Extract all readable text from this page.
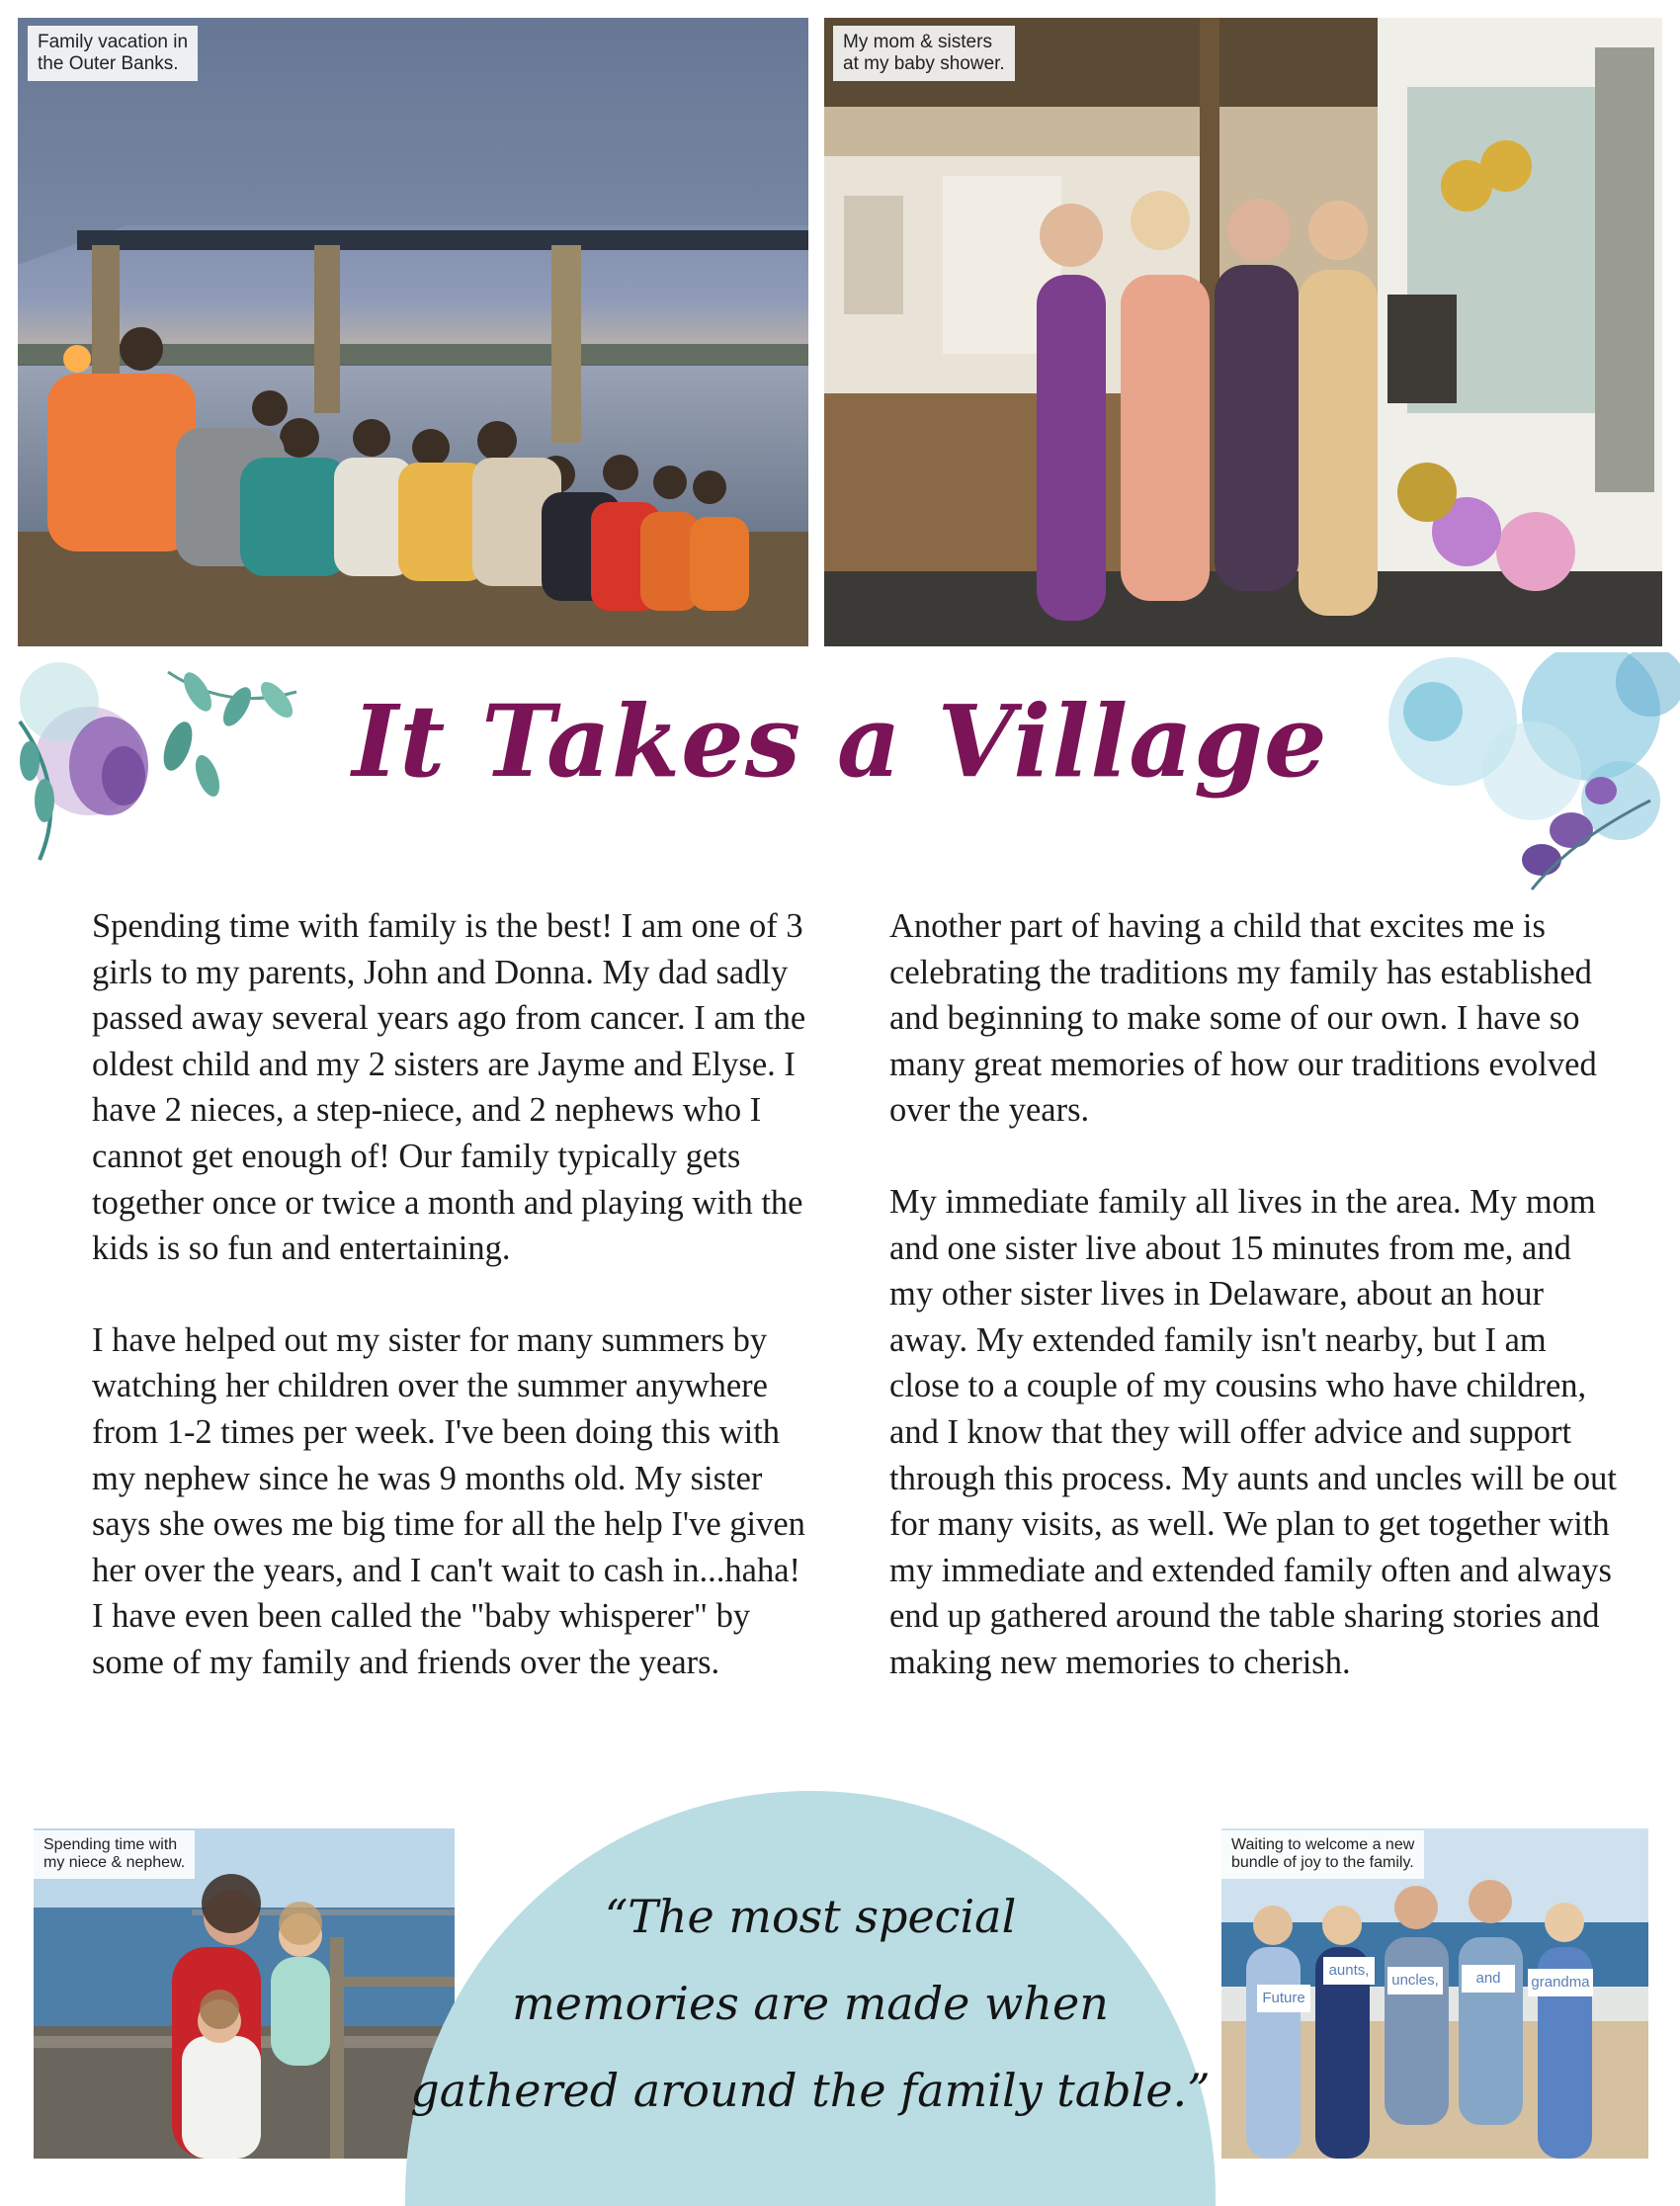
Family vacation in
the Outer Banks.
My mom & sisters
at my baby shower.
It Takes a Village

Spending time with family is the best! I am one of 3 girls to my parents, John and Donna. My dad sadly passed away several years ago from cancer. I am the oldest child and my 2 sisters are Jayme and Elyse. I have 2 nieces, a step-niece, and 2 nephews who I cannot get enough of! Our family typically gets together once or twice a month and playing with the kids is so fun and entertaining.

I have helped out my sister for many summers by watching her children over the summer anywhere from 1-2 times per week. I've been doing this with my nephew since he was 9 months old. My sister says she owes me big time for all the help I've given her over the years, and I can't wait to cash in...haha! I have even been called the "baby whisperer" by some of my family and friends over the years.

Another part of having a child that excites me is celebrating the traditions my family has established and beginning to make some of our own. I have so many great memories of how our traditions evolved over the years.

My immediate family all lives in the area. My mom and one sister live about 15 minutes from me, and my other sister lives in Delaware, about an hour away. My extended family isn't nearby, but I am close to a couple of my cousins who have children, and I know that they will offer advice and support through this process. My aunts and uncles will be out for many visits, as well. We plan to get together with my immediate and extended family often and always end up gathered around the table sharing stories and making new memories to cherish.

Spending time with
my niece & nephew.

“The most special
memories are made when
gathered around the family table.”

Future
aunts,
uncles,	and	grandma
Waiting to welcome a new
bundle of joy to the family.
